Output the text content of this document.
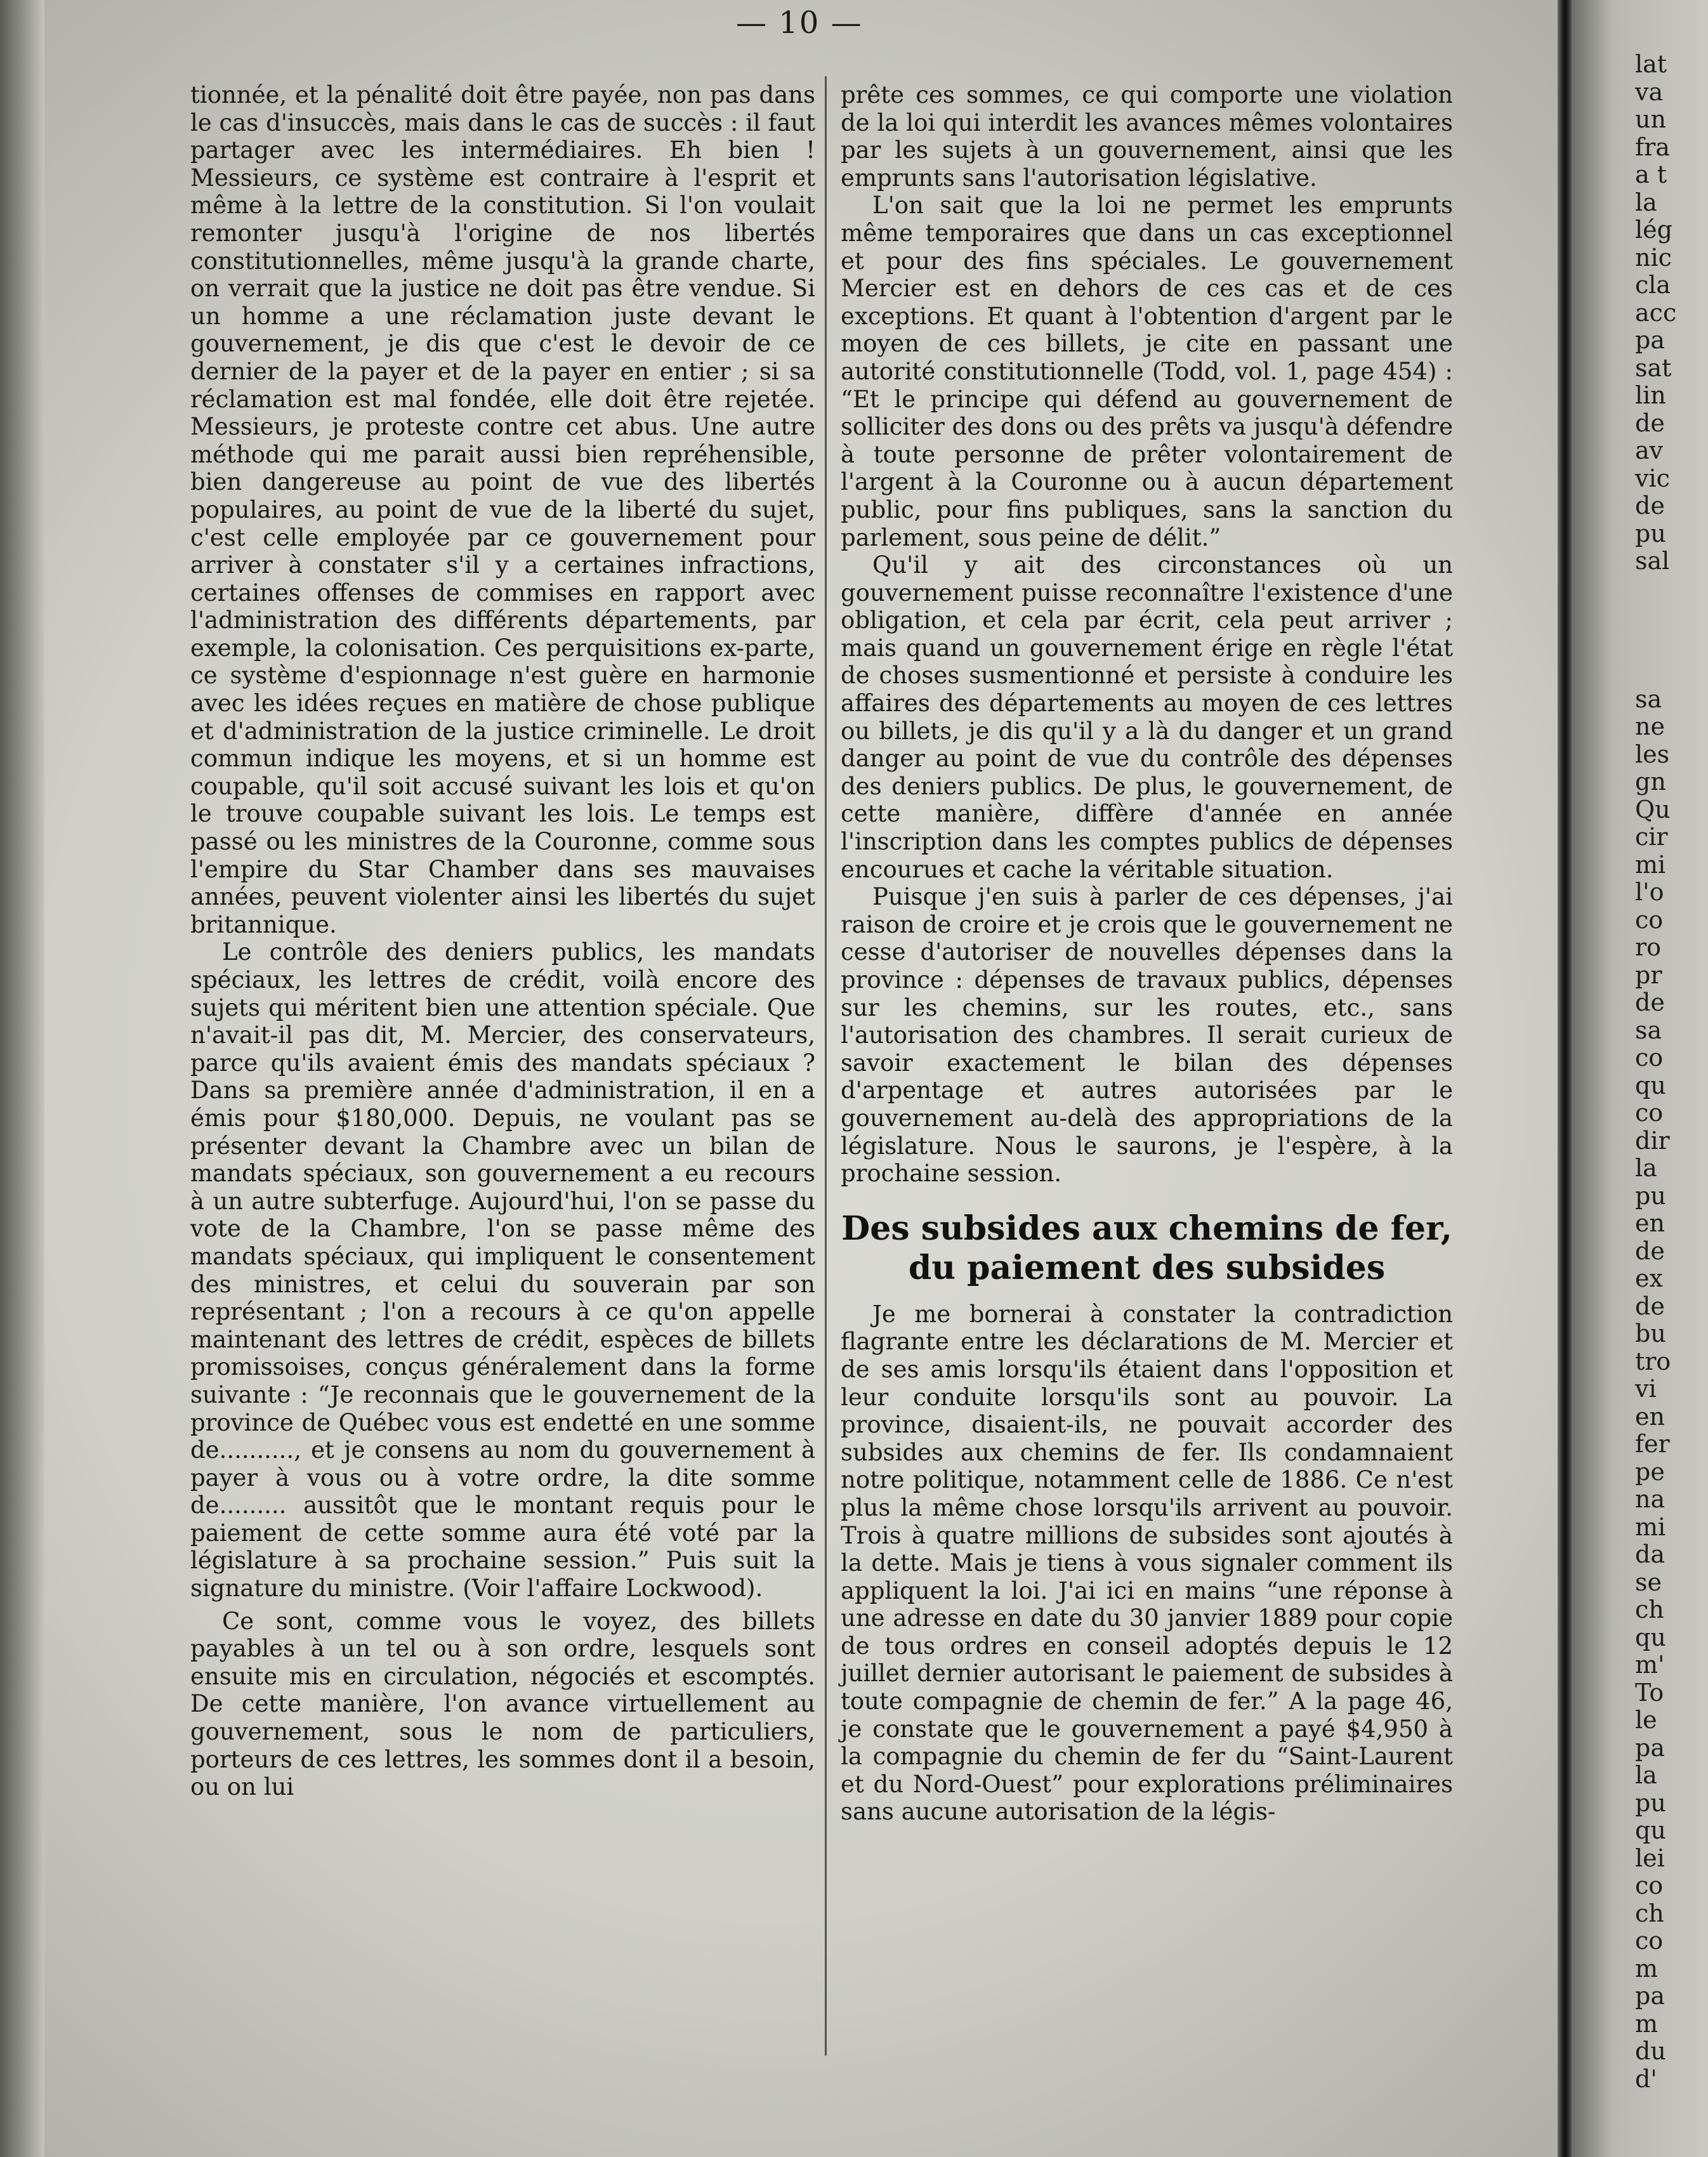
— 10 —

tionnée, et la pénalité doit être payée, non pas dans le cas d'insuccès, mais dans le cas de succès : il faut partager avec les intermédiaires. Eh bien ! Messieurs, ce système est contraire à l'esprit et même à la lettre de la constitution. Si l'on voulait remonter jusqu'à l'origine de nos libertés constitutionnelles, même jusqu'à la grande charte, on verrait que la justice ne doit pas être vendue. Si un homme a une réclamation juste devant le gouvernement, je dis que c'est le devoir de ce dernier de la payer et de la payer en entier ; si sa réclamation est mal fondée, elle doit être rejetée. Messieurs, je proteste contre cet abus. Une autre méthode qui me parait aussi bien repréhensible, bien dangereuse au point de vue des libertés populaires, au point de vue de la liberté du sujet, c'est celle employée par ce gouvernement pour arriver à constater s'il y a certaines infractions, certaines offenses de commises en rapport avec l'administration des différents départements, par exemple, la colonisation. Ces perquisitions ex-parte, ce système d'espionnage n'est guère en harmonie avec les idées reçues en matière de chose publique et d'administration de la justice criminelle. Le droit commun indique les moyens, et si un homme est coupable, qu'il soit accusé suivant les lois et qu'on le trouve coupable suivant les lois. Le temps est passé ou les ministres de la Couronne, comme sous l'empire du Star Chamber dans ses mauvaises années, peuvent violenter ainsi les libertés du sujet britannique.

Le contrôle des deniers publics, les mandats spéciaux, les lettres de crédit, voilà encore des sujets qui méritent bien une attention spéciale. Que n'avait-il pas dit, M. Mercier, des conservateurs, parce qu'ils avaient émis des mandats spéciaux ? Dans sa première année d'administration, il en a émis pour $180,000. Depuis, ne voulant pas se présenter devant la Chambre avec un bilan de mandats spéciaux, son gouvernement a eu recours à un autre subterfuge. Aujourd'hui, l'on se passe du vote de la Chambre, l'on se passe même des mandats spéciaux, qui impliquent le consentement des ministres, et celui du souverain par son représentant ; l'on a recours à ce qu'on appelle maintenant des lettres de crédit, espèces de billets promissoises, conçus généralement dans la forme suivante : “Je reconnais que le gouvernement de la province de Québec vous est endetté en une somme de.........., et je consens au nom du gouvernement à payer à vous ou à votre ordre, la dite somme de......... aussitôt que le montant requis pour le paiement de cette somme aura été voté par la législature à sa prochaine session.” Puis suit la signature du ministre. (Voir l'affaire Lockwood).

Ce sont, comme vous le voyez, des billets payables à un tel ou à son ordre, lesquels sont ensuite mis en circulation, négociés et escomptés. De cette manière, l'on avance virtuellement au gouvernement, sous le nom de particuliers, porteurs de ces lettres, les sommes dont il a besoin, ou on lui

prête ces sommes, ce qui comporte une violation de la loi qui interdit les avances mêmes volontaires par les sujets à un gouvernement, ainsi que les emprunts sans l'autorisation législative.

L'on sait que la loi ne permet les emprunts même temporaires que dans un cas exceptionnel et pour des fins spéciales. Le gouvernement Mercier est en dehors de ces cas et de ces exceptions. Et quant à l'obtention d'argent par le moyen de ces billets, je cite en passant une autorité constitutionnelle (Todd, vol. 1, page 454) : “Et le principe qui défend au gouvernement de solliciter des dons ou des prêts va jusqu'à défendre à toute personne de prêter volontairement de l'argent à la Couronne ou à aucun département public, pour fins publiques, sans la sanction du parlement, sous peine de délit.”

Qu'il y ait des circonstances où un gouvernement puisse reconnaître l'existence d'une obligation, et cela par écrit, cela peut arriver ; mais quand un gouvernement érige en règle l'état de choses susmentionné et persiste à conduire les affaires des départements au moyen de ces lettres ou billets, je dis qu'il y a là du danger et un grand danger au point de vue du contrôle des dépenses des deniers publics. De plus, le gouvernement, de cette manière, diffère d'année en année l'inscription dans les comptes publics de dépenses encourues et cache la véritable situation.

Puisque j'en suis à parler de ces dépenses, j'ai raison de croire et je crois que le gouvernement ne cesse d'autoriser de nouvelles dépenses dans la province : dépenses de travaux publics, dépenses sur les chemins, sur les routes, etc., sans l'autorisation des chambres. Il serait curieux de savoir exactement le bilan des dépenses d'arpentage et autres autorisées par le gouvernement au-delà des appropriations de la législature. Nous le saurons, je l'espère, à la prochaine session.

Des subsides aux chemins de fer,
du paiement des subsides

Je me bornerai à constater la contradiction flagrante entre les déclarations de M. Mercier et de ses amis lorsqu'ils étaient dans l'opposition et leur conduite lorsqu'ils sont au pouvoir. La province, disaient-ils, ne pouvait accorder des subsides aux chemins de fer. Ils condamnaient notre politique, notamment celle de 1886. Ce n'est plus la même chose lorsqu'ils arrivent au pouvoir. Trois à quatre millions de subsides sont ajoutés à la dette. Mais je tiens à vous signaler comment ils appliquent la loi. J'ai ici en mains “une réponse à une adresse en date du 30 janvier 1889 pour copie de tous ordres en conseil adoptés depuis le 12 juillet dernier autorisant le paiement de subsides à toute compagnie de chemin de fer.” A la page 46, je constate que le gouvernement a payé $4,950 à la compagnie du chemin de fer du “Saint-Laurent et du Nord-Ouest” pour explorations préliminaires sans aucune autorisation de la légis-

lat
va
un
fra
a t
la
lég
nic
cla
acc
pa
sat
lin
de
av
vic
de
pu
sal
sa
ne
les
gn
Qu
cir
mi
l'o
co
ro
pr
de
sa
co
qu
co
dir
la
pu
en
de
ex
de
bu
tro
vi
en
fer
pe
na
mi
da
se
ch
qu
m'
To
le
pa
la
pu
qu
lei
co
ch
co
m
pa
m
du
d'
